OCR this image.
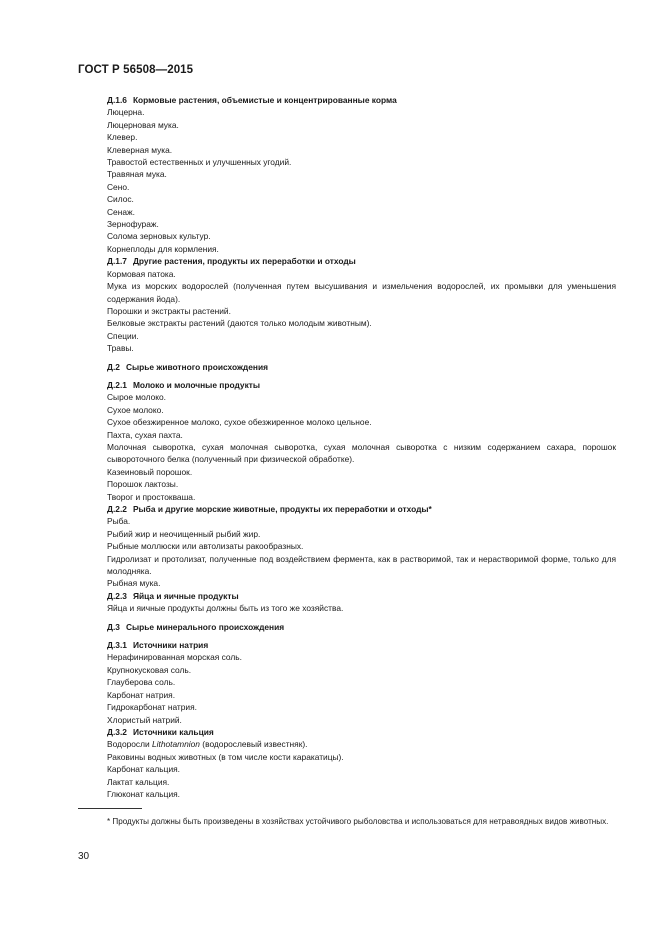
ГОСТ Р 56508—2015
Д.1.6 Кормовые растения, объемистые и концентрированные корма
Люцерна.
Люцерновая мука.
Клевер.
Клеверная мука.
Травостой естественных и улучшенных угодий.
Травяная мука.
Сено.
Силос.
Сенаж.
Зернофураж.
Солома зерновых культур.
Корнеплоды для кормления.
Д.1.7 Другие растения, продукты их переработки и отходы
Кормовая патока.
Мука из морских водорослей (полученная путем высушивания и измельчения водорослей, их промывки для уменьшения содержания йода).
Порошки и экстракты растений.
Белковые экстракты растений (даются только молодым животным).
Специи.
Травы.
Д.2 Сырье животного происхождения
Д.2.1 Молоко и молочные продукты
Сырое молоко.
Сухое молоко.
Сухое обезжиренное молоко, сухое обезжиренное молоко цельное.
Пахта, сухая пахта.
Молочная сыворотка, сухая молочная сыворотка, сухая молочная сыворотка с низким содержанием сахара, порошок сывороточного белка (полученный при физической обработке).
Казеиновый порошок.
Порошок лактозы.
Творог и простокваша.
Д.2.2 Рыба и другие морские животные, продукты их переработки и отходы*
Рыба.
Рыбий жир и неочищенный рыбий жир.
Рыбные моллюски или автолизаты ракообразных.
Гидролизат и протолизат, полученные под воздействием фермента, как в растворимой, так и нерастворимой форме, только для молодняка.
Рыбная мука.
Д.2.3 Яйца и яичные продукты
Яйца и яичные продукты должны быть из того же хозяйства.
Д.3 Сырье минерального происхождения
Д.3.1 Источники натрия
Нерафинированная морская соль.
Крупнокусковая соль.
Глауберова соль.
Карбонат натрия.
Гидрокарбонат натрия.
Хлористый натрий.
Д.3.2 Источники кальция
Водоросли Lithotamnion (водорослевый известняк).
Раковины водных животных (в том числе кости каракатицы).
Карбонат кальция.
Лактат кальция.
Глюконат кальция.
* Продукты должны быть произведены в хозяйствах устойчивого рыболовства и использоваться для нетравоядных видов животных.
30
